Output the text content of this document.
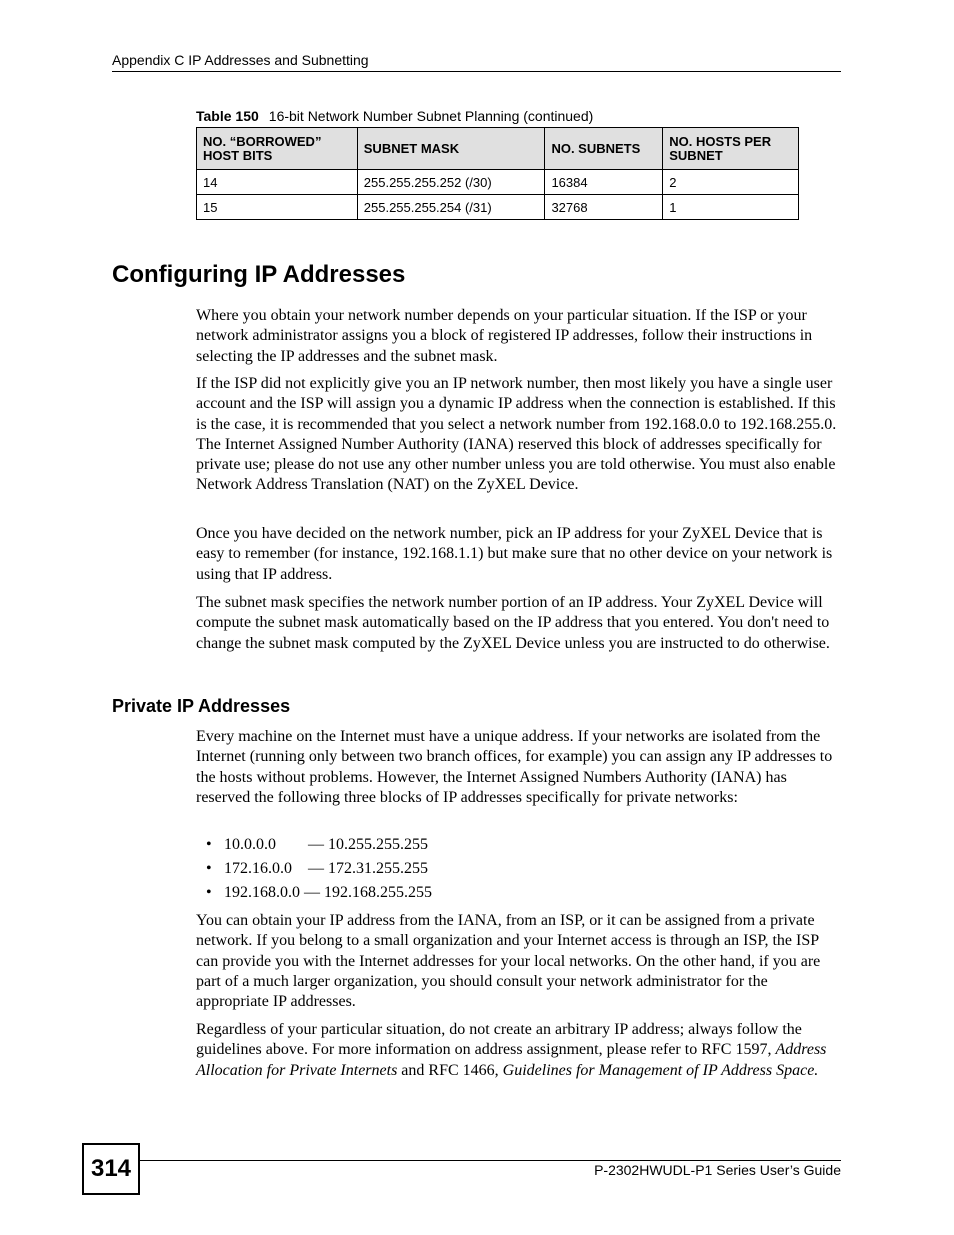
Appendix C IP Addresses and Subnetting
Table 150 16-bit Network Number Subnet Planning (continued)
NO. “BORROWED” HOST BITS	SUBNET MASK	NO. SUBNETS	NO. HOSTS PER SUBNET
14	255.255.255.252 (/30)	16384	2
15	255.255.255.254 (/31)	32768	1
Configuring IP Addresses

Where you obtain your network number depends on your particular situation. If the ISP or your network administrator assigns you a block of registered IP addresses, follow their instructions in selecting the IP addresses and the subnet mask.

If the ISP did not explicitly give you an IP network number, then most likely you have a single user account and the ISP will assign you a dynamic IP address when the connection is established. If this is the case, it is recommended that you select a network number from 192.168.0.0 to 192.168.255.0. The Internet Assigned Number Authority (IANA) reserved this block of addresses specifically for private use; please do not use any other number unless you are told otherwise. You must also enable Network Address Translation (NAT) on the ZyXEL Device.

Once you have decided on the network number, pick an IP address for your ZyXEL Device that is easy to remember (for instance, 192.168.1.1) but make sure that no other device on your network is using that IP address.

The subnet mask specifies the network number portion of an IP address. Your ZyXEL Device will compute the subnet mask automatically based on the IP address that you entered. You don't need to change the subnet mask computed by the ZyXEL Device unless you are instructed to do otherwise.

Private IP Addresses

Every machine on the Internet must have a unique address. If your networks are isolated from the Internet (running only between two branch offices, for example) you can assign any IP addresses to the hosts without problems. However, the Internet Assigned Numbers Authority (IANA) has reserved the following three blocks of IP addresses specifically for private networks:

• 10.0.0.0 — 10.255.255.255
• 172.16.0.0 — 172.31.255.255
• 192.168.0.0 — 192.168.255.255

You can obtain your IP address from the IANA, from an ISP, or it can be assigned from a private network. If you belong to a small organization and your Internet access is through an ISP, the ISP can provide you with the Internet addresses for your local networks. On the other hand, if you are part of a much larger organization, you should consult your network administrator for the appropriate IP addresses.

Regardless of your particular situation, do not create an arbitrary IP address; always follow the guidelines above. For more information on address assignment, please refer to RFC 1597, Address Allocation for Private Internets and RFC 1466, Guidelines for Management of IP Address Space.

314	P-2302HWUDL-P1 Series User’s Guide
